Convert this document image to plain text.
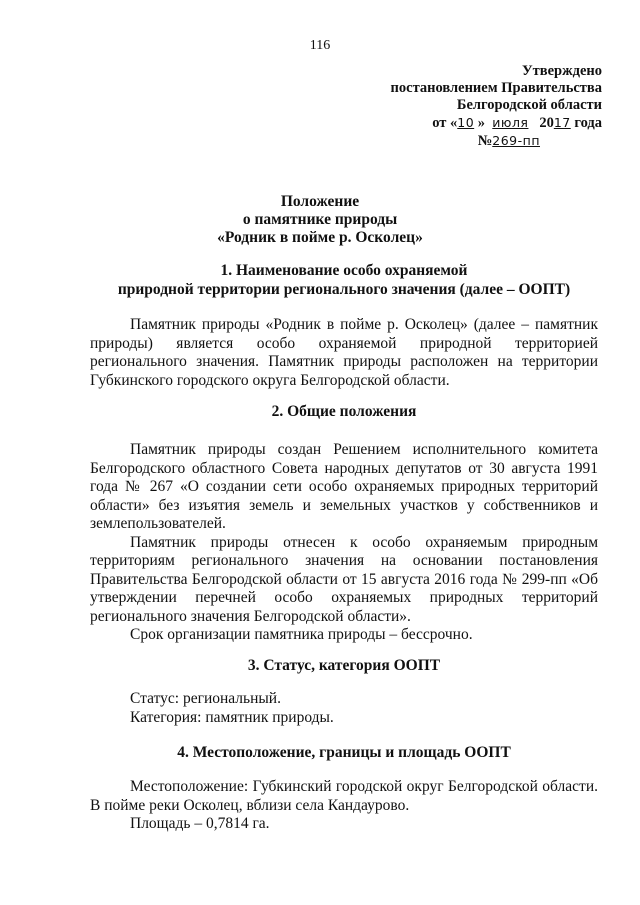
116
Утверждено
постановлением Правительства
Белгородской области
от «10 » июля 2017 года
№269-пп
Положение
о памятнике природы
«Родник в пойме р. Осколец»
1. Наименование особо охраняемой
природной территории регионального значения (далее – ООПТ)

Памятник природы «Родник в пойме р. Осколец» (далее – памятник природы) является особо охраняемой природной территорией регионального значения. Памятник природы расположен на территории Губкинского городского округа Белгородской области.

2. Общие положения

Памятник природы создан Решением исполнительного комитета Белгородского областного Совета народных депутатов от 30 августа 1991 года № 267 «О создании сети особо охраняемых природных территорий области» без изъятия земель и земельных участков у собственников и землепользователей.

Памятник природы отнесен к особо охраняемым природным территориям регионального значения на основании постановления Правительства Белгородской области от 15 августа 2016 года № 299-пп «Об утверждении перечней особо охраняемых природных территорий регионального значения Белгородской области».

Срок организации памятника природы – бессрочно.

3. Статус, категория ООПТ

Статус: региональный.

Категория: памятник природы.

4. Местоположение, границы и площадь ООПТ

Местоположение: Губкинский городской округ Белгородской области. В пойме реки Осколец, вблизи села Кандаурово.

Площадь – 0,7814 га.
